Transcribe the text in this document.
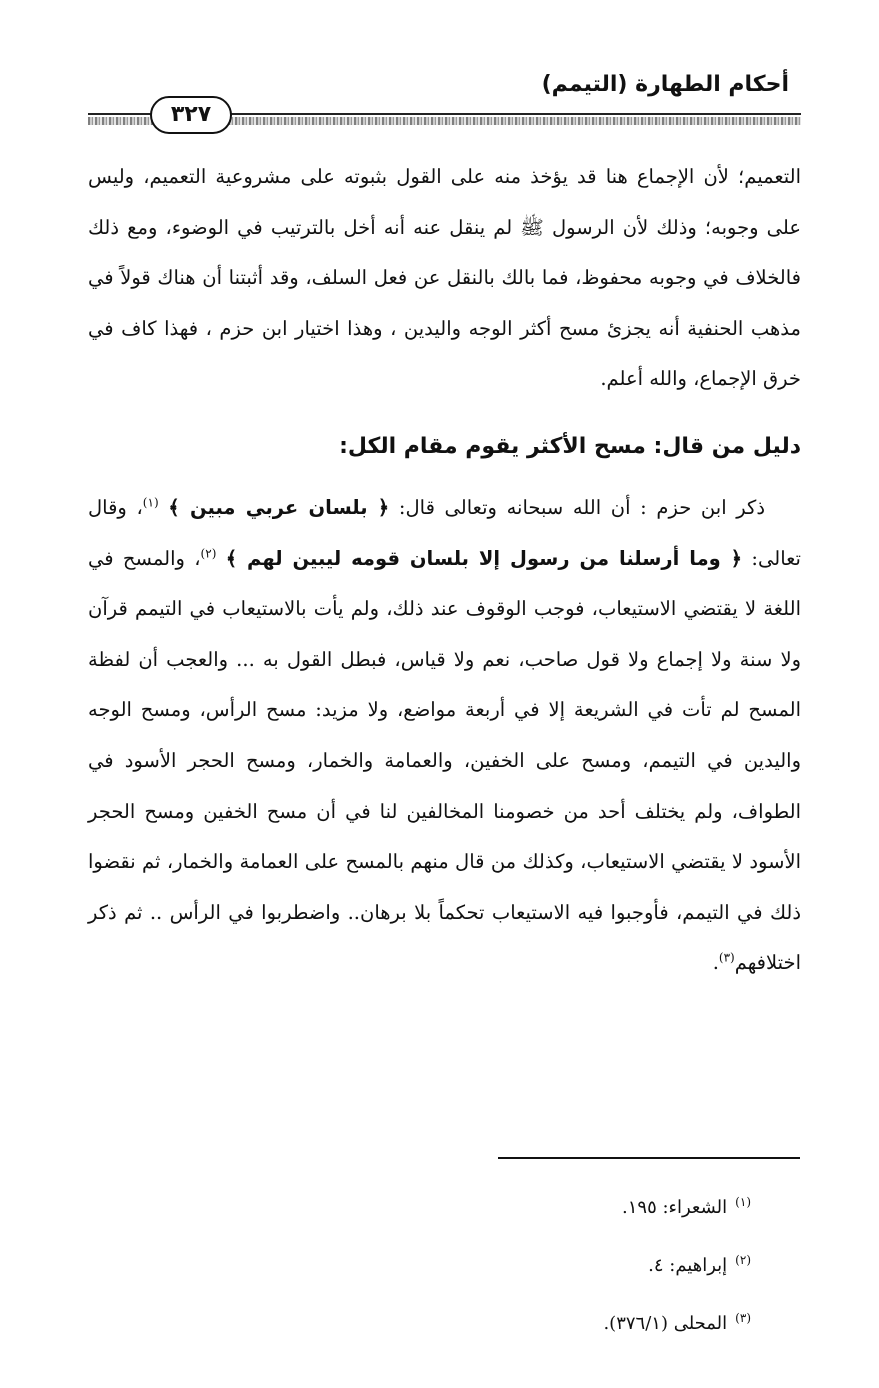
أحكام الطهارة (التيمم)
٣٢٧

التعميم؛ لأن الإجماع هنا قد يؤخذ منه على القول بثبوته على مشروعية التعميم، وليس على وجوبه؛ وذلك لأن الرسول ﷺ لم ينقل عنه أنه أخل بالترتيب في الوضوء، ومع ذلك فالخلاف في وجوبه محفوظ، فما بالك بالنقل عن فعل السلف، وقد أثبتنا أن هناك قولاً في مذهب الحنفية أنه يجزئ مسح أكثر الوجه واليدين ، وهذا اختيار ابن حزم ، فهذا كاف في خرق الإجماع، والله أعلم.

دليل من قال: مسح الأكثر يقوم مقام الكل:

ذكر ابن حزم : أن الله سبحانه وتعالى قال: ﴿ بلسان عربي مبين ﴾ $^{(١)}$، وقال تعالى: ﴿ وما أرسلنا من رسول إلا بلسان قومه ليبين لهم ﴾ $^{(٢)}$، والمسح في اللغة لا يقتضي الاستيعاب، فوجب الوقوف عند ذلك، ولم يأت بالاستيعاب في التيمم قرآن ولا سنة ولا إجماع ولا قول صاحب، نعم ولا قياس، فبطل القول به ... والعجب أن لفظة المسح لم تأت في الشريعة إلا في أربعة مواضع، ولا مزيد: مسح الرأس، ومسح الوجه واليدين في التيمم، ومسح على الخفين، والعمامة والخمار، ومسح الحجر الأسود في الطواف، ولم يختلف أحد من خصومنا المخالفين لنا في أن مسح الخفين ومسح الحجر الأسود لا يقتضي الاستيعاب، وكذلك من قال منهم بالمسح على العمامة والخمار، ثم نقضوا ذلك في التيمم، فأوجبوا فيه الاستيعاب تحكماً بلا برهان.. واضطربوا في الرأس .. ثم ذكر اختلافهم$^{(٣)}$.

$^{(١)}$الشعراء: ١٩٥.
$^{(٢)}$إبراهيم: ٤.
$^{(٣)}$المحلى (٣٧٦/١).
